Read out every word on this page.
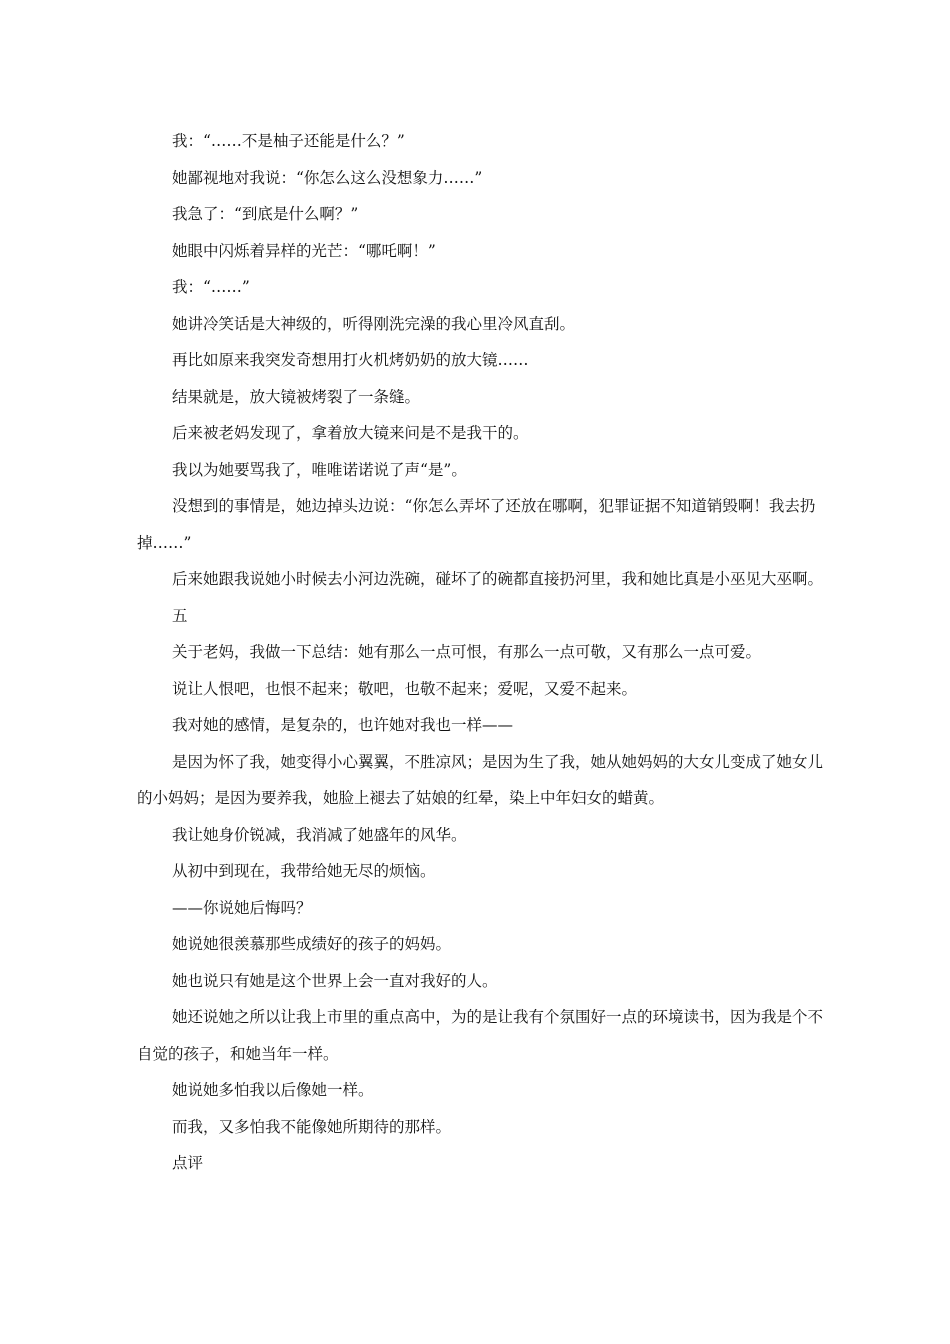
我：“……不是柚子还能是什么？”

她鄙视地对我说：“你怎么这么没想象力……”

我急了：“到底是什么啊？”

她眼中闪烁着异样的光芒：“哪吒啊！”

我：“……”

她讲冷笑话是大神级的，听得刚洗完澡的我心里冷风直刮。

再比如原来我突发奇想用打火机烤奶奶的放大镜……

结果就是，放大镜被烤裂了一条缝。

后来被老妈发现了，拿着放大镜来问是不是我干的。

我以为她要骂我了，唯唯诺诺说了声“是”。

没想到的事情是，她边掉头边说：“你怎么弄坏了还放在哪啊，犯罪证据不知道销毁啊！我去扔掉……”

后来她跟我说她小时候去小河边洗碗，碰坏了的碗都直接扔河里，我和她比真是小巫见大巫啊。

五

关于老妈，我做一下总结：她有那么一点可恨，有那么一点可敬，又有那么一点可爱。

说让人恨吧，也恨不起来；敬吧，也敬不起来；爱呢，又爱不起来。

我对她的感情，是复杂的，也许她对我也一样——

是因为怀了我，她变得小心翼翼，不胜凉风；是因为生了我，她从她妈妈的大女儿变成了她女儿的小妈妈；是因为要养我，她脸上褪去了姑娘的红晕，染上中年妇女的蜡黄。

我让她身价锐减，我消减了她盛年的风华。

从初中到现在，我带给她无尽的烦恼。

——你说她后悔吗？

她说她很羡慕那些成绩好的孩子的妈妈。

她也说只有她是这个世界上会一直对我好的人。

她还说她之所以让我上市里的重点高中，为的是让我有个氛围好一点的环境读书，因为我是个不自觉的孩子，和她当年一样。

她说她多怕我以后像她一样。

而我，又多怕我不能像她所期待的那样。

点评
